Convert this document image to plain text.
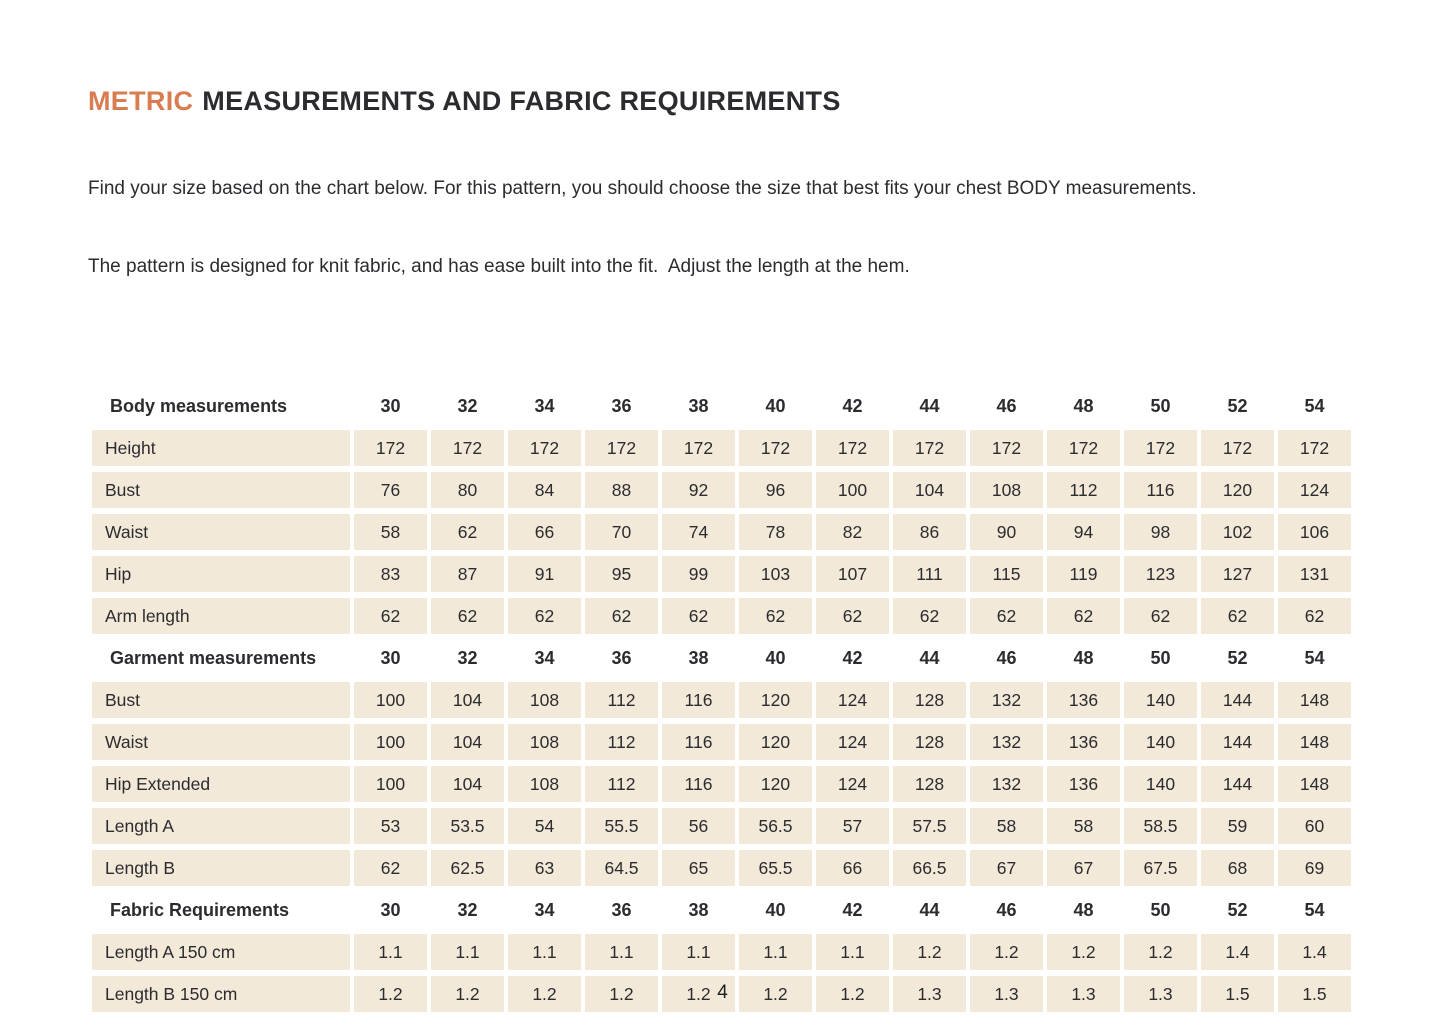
METRIC MEASUREMENTS AND FABRIC REQUIREMENTS

Find your size based on the chart below. For this pattern, you should choose the size that best fits your chest BODY measurements.

The pattern is designed for knit fabric, and has ease built into the fit.  Adjust the length at the hem.

Body measurements	30	32	34	36	38	40	42	44	46	48	50	52	54
Height	172	172	172	172	172	172	172	172	172	172	172	172	172
Bust	76	80	84	88	92	96	100	104	108	112	116	120	124
Waist	58	62	66	70	74	78	82	86	90	94	98	102	106
Hip	83	87	91	95	99	103	107	111	115	119	123	127	131
Arm length	62	62	62	62	62	62	62	62	62	62	62	62	62
Garment measurements	30	32	34	36	38	40	42	44	46	48	50	52	54
Bust	100	104	108	112	116	120	124	128	132	136	140	144	148
Waist	100	104	108	112	116	120	124	128	132	136	140	144	148
Hip Extended	100	104	108	112	116	120	124	128	132	136	140	144	148
Length A	53	53.5	54	55.5	56	56.5	57	57.5	58	58	58.5	59	60
Length B	62	62.5	63	64.5	65	65.5	66	66.5	67	67	67.5	68	69
Fabric Requirements	30	32	34	36	38	40	42	44	46	48	50	52	54
Length A 150 cm	1.1	1.1	1.1	1.1	1.1	1.1	1.1	1.2	1.2	1.2	1.2	1.4	1.4
Length B 150 cm	1.2	1.2	1.2	1.2	1.2	1.2	1.2	1.3	1.3	1.3	1.3	1.5	1.5
4
